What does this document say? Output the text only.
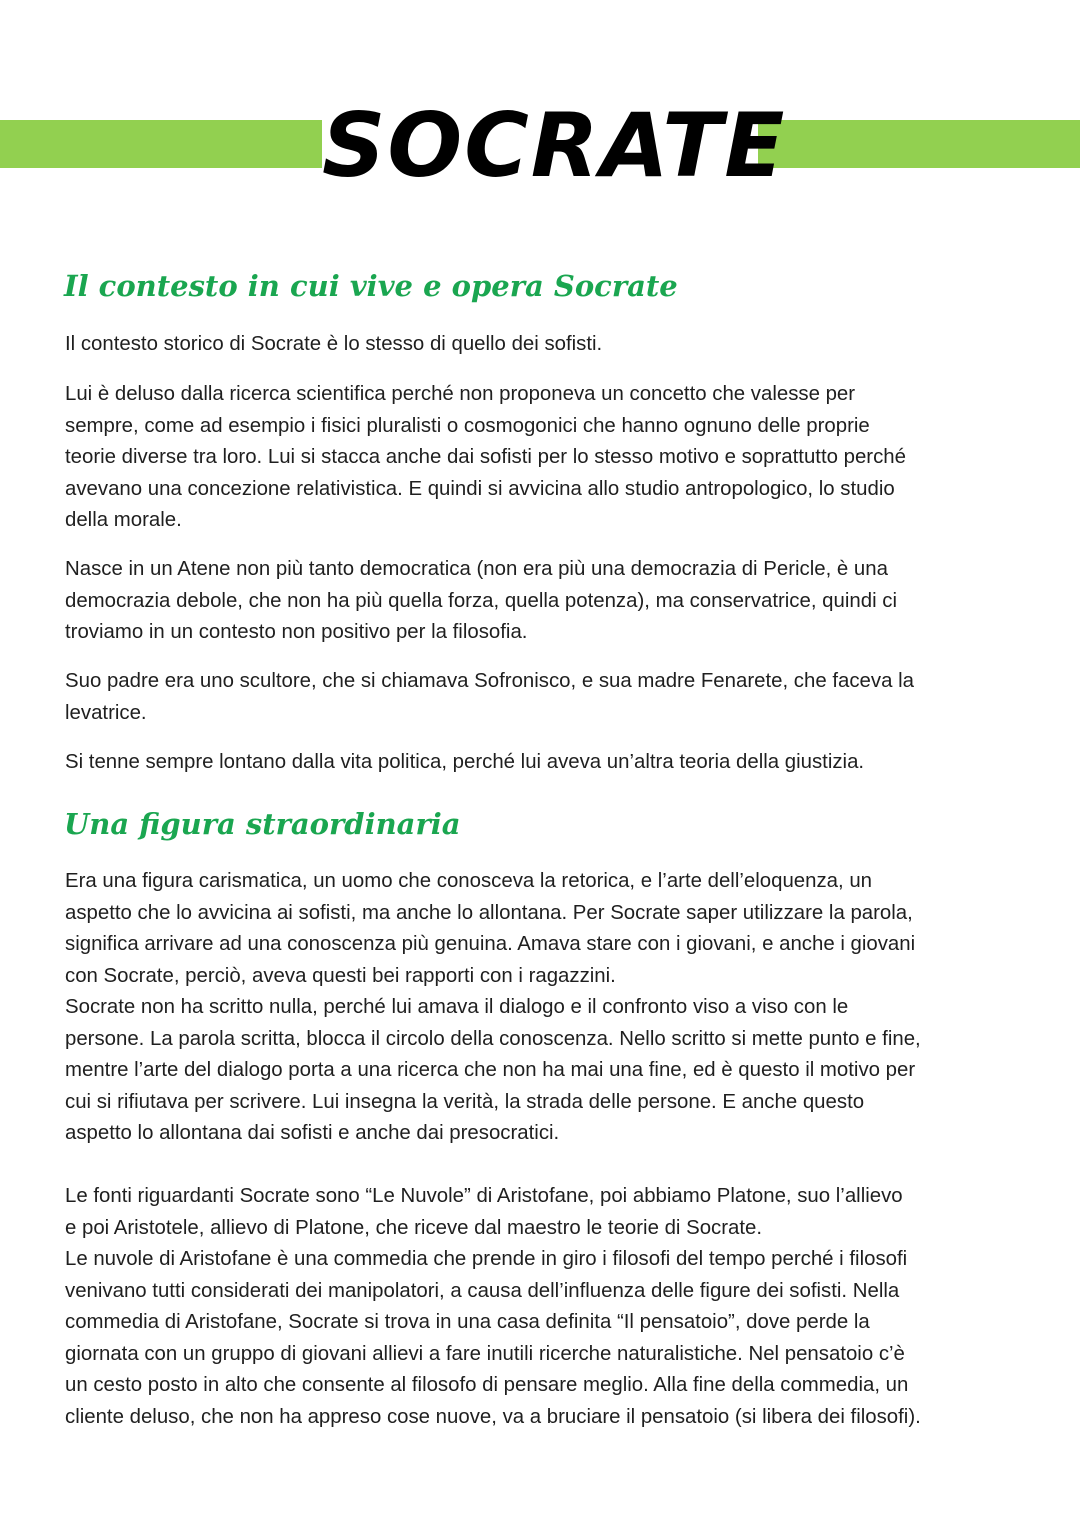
SOCRATE
Il contesto in cui vive e opera Socrate

Il contesto storico di Socrate è lo stesso di quello dei sofisti.

Lui è deluso dalla ricerca scientifica perché non proponeva un concetto che valesse per
sempre, come ad esempio i fisici pluralisti o cosmogonici che hanno ognuno delle proprie
teorie diverse tra loro. Lui si stacca anche dai sofisti per lo stesso motivo e soprattutto perché
avevano una concezione relativistica. E quindi si avvicina allo studio antropologico, lo studio
della morale.

Nasce in un Atene non più tanto democratica (non era più una democrazia di Pericle, è una
democrazia debole, che non ha più quella forza, quella potenza), ma conservatrice, quindi ci
troviamo in un contesto non positivo per la filosofia.

Suo padre era uno scultore, che si chiamava Sofronisco, e sua madre Fenarete, che faceva la
levatrice.

Si tenne sempre lontano dalla vita politica, perché lui aveva un’altra teoria della giustizia.

Una figura straordinaria

Era una figura carismatica, un uomo che conosceva la retorica, e l’arte dell’eloquenza, un
aspetto che lo avvicina ai sofisti, ma anche lo allontana. Per Socrate saper utilizzare la parola,
significa arrivare ad una conoscenza più genuina. Amava stare con i giovani, e anche i giovani
con Socrate, perciò, aveva questi bei rapporti con i ragazzini.
Socrate non ha scritto nulla, perché lui amava il dialogo e il confronto viso a viso con le
persone. La parola scritta, blocca il circolo della conoscenza. Nello scritto si mette punto e fine,
mentre l’arte del dialogo porta a una ricerca che non ha mai una fine, ed è questo il motivo per
cui si rifiutava per scrivere. Lui insegna la verità, la strada delle persone. E anche questo
aspetto lo allontana dai sofisti e anche dai presocratici.

Le fonti riguardanti Socrate sono “Le Nuvole” di Aristofane, poi abbiamo Platone, suo l’allievo
e poi Aristotele, allievo di Platone, che riceve dal maestro le teorie di Socrate.
Le nuvole di Aristofane è una commedia che prende in giro i filosofi del tempo perché i filosofi
venivano tutti considerati dei manipolatori, a causa dell’influenza delle figure dei sofisti. Nella
commedia di Aristofane, Socrate si trova in una casa definita “Il pensatoio”, dove perde la
giornata con un gruppo di giovani allievi a fare inutili ricerche naturalistiche. Nel pensatoio c’è
un cesto posto in alto che consente al filosofo di pensare meglio. Alla fine della commedia, un
cliente deluso, che non ha appreso cose nuove, va a bruciare il pensatoio (si libera dei filosofi).
